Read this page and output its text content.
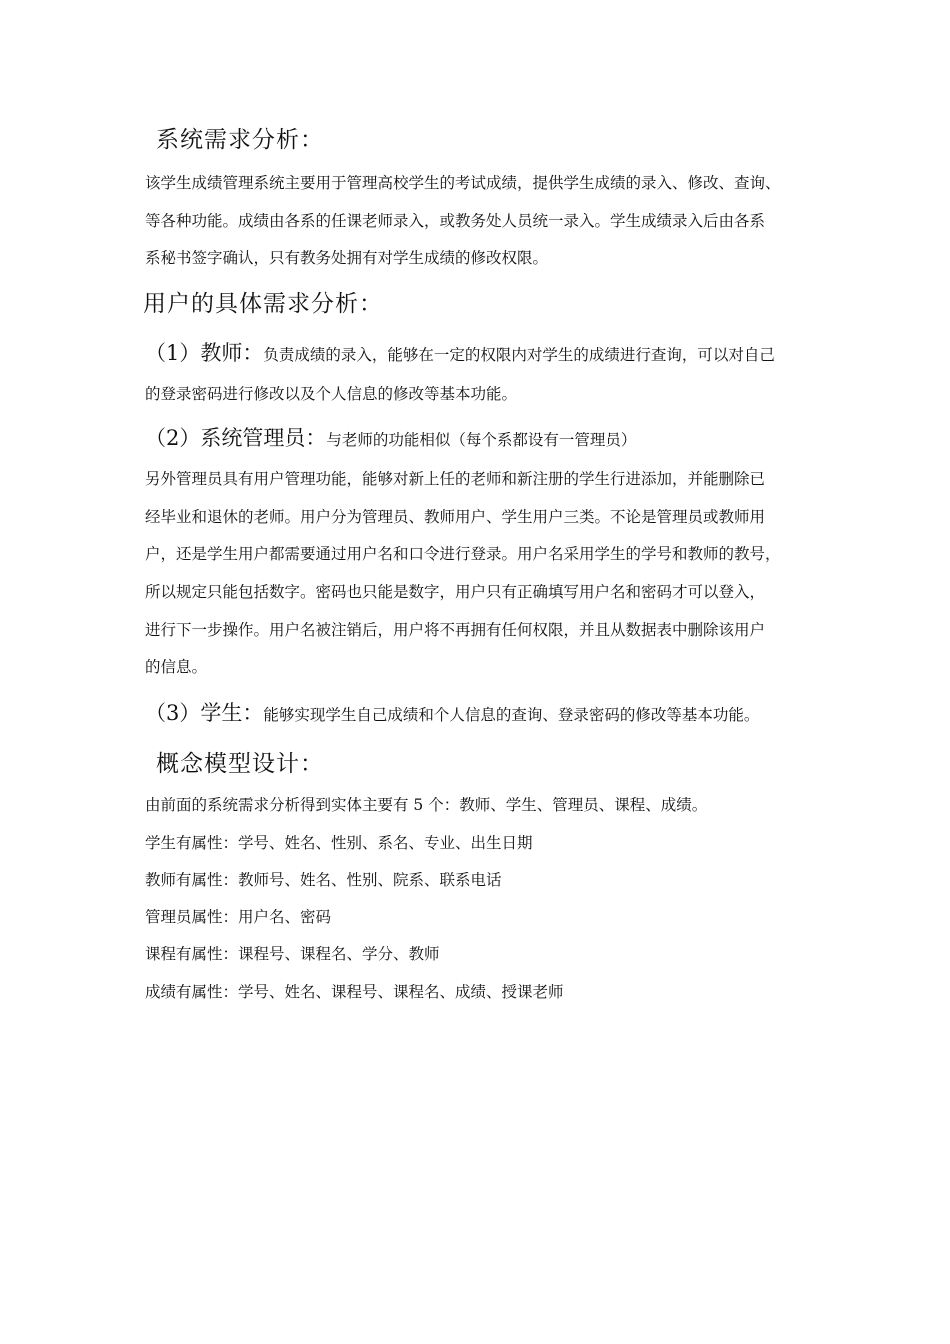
系统需求分析：
该学生成绩管理系统主要用于管理高校学生的考试成绩，提供学生成绩的录入、修改、查询、
等各种功能。成绩由各系的任课老师录入，或教务处人员统一录入。学生成绩录入后由各系
系秘书签字确认，只有教务处拥有对学生成绩的修改权限。
用户的具体需求分析：
（1）教师：负责成绩的录入，能够在一定的权限内对学生的成绩进行查询，可以对自己
的登录密码进行修改以及个人信息的修改等基本功能。
（2）系统管理员：与老师的功能相似（每个系都设有一管理员）
另外管理员具有用户管理功能，能够对新上任的老师和新注册的学生行进添加，并能删除已
经毕业和退休的老师。用户分为管理员、教师用户、学生用户三类。不论是管理员或教师用
户，还是学生用户都需要通过用户名和口令进行登录。用户名采用学生的学号和教师的教号，
所以规定只能包括数字。密码也只能是数字，用户只有正确填写用户名和密码才可以登入，
进行下一步操作。用户名被注销后，用户将不再拥有任何权限，并且从数据表中删除该用户
的信息。
（3）学生：能够实现学生自己成绩和个人信息的查询、登录密码的修改等基本功能。
概念模型设计：
由前面的系统需求分析得到实体主要有 5 个：教师、学生、管理员、课程、成绩。
学生有属性：学号、姓名、性别、系名、专业、出生日期
教师有属性：教师号、姓名、性别、院系、联系电话
管理员属性：用户名、密码
课程有属性：课程号、课程名、学分、教师
成绩有属性：学号、姓名、课程号、课程名、成绩、授课老师
